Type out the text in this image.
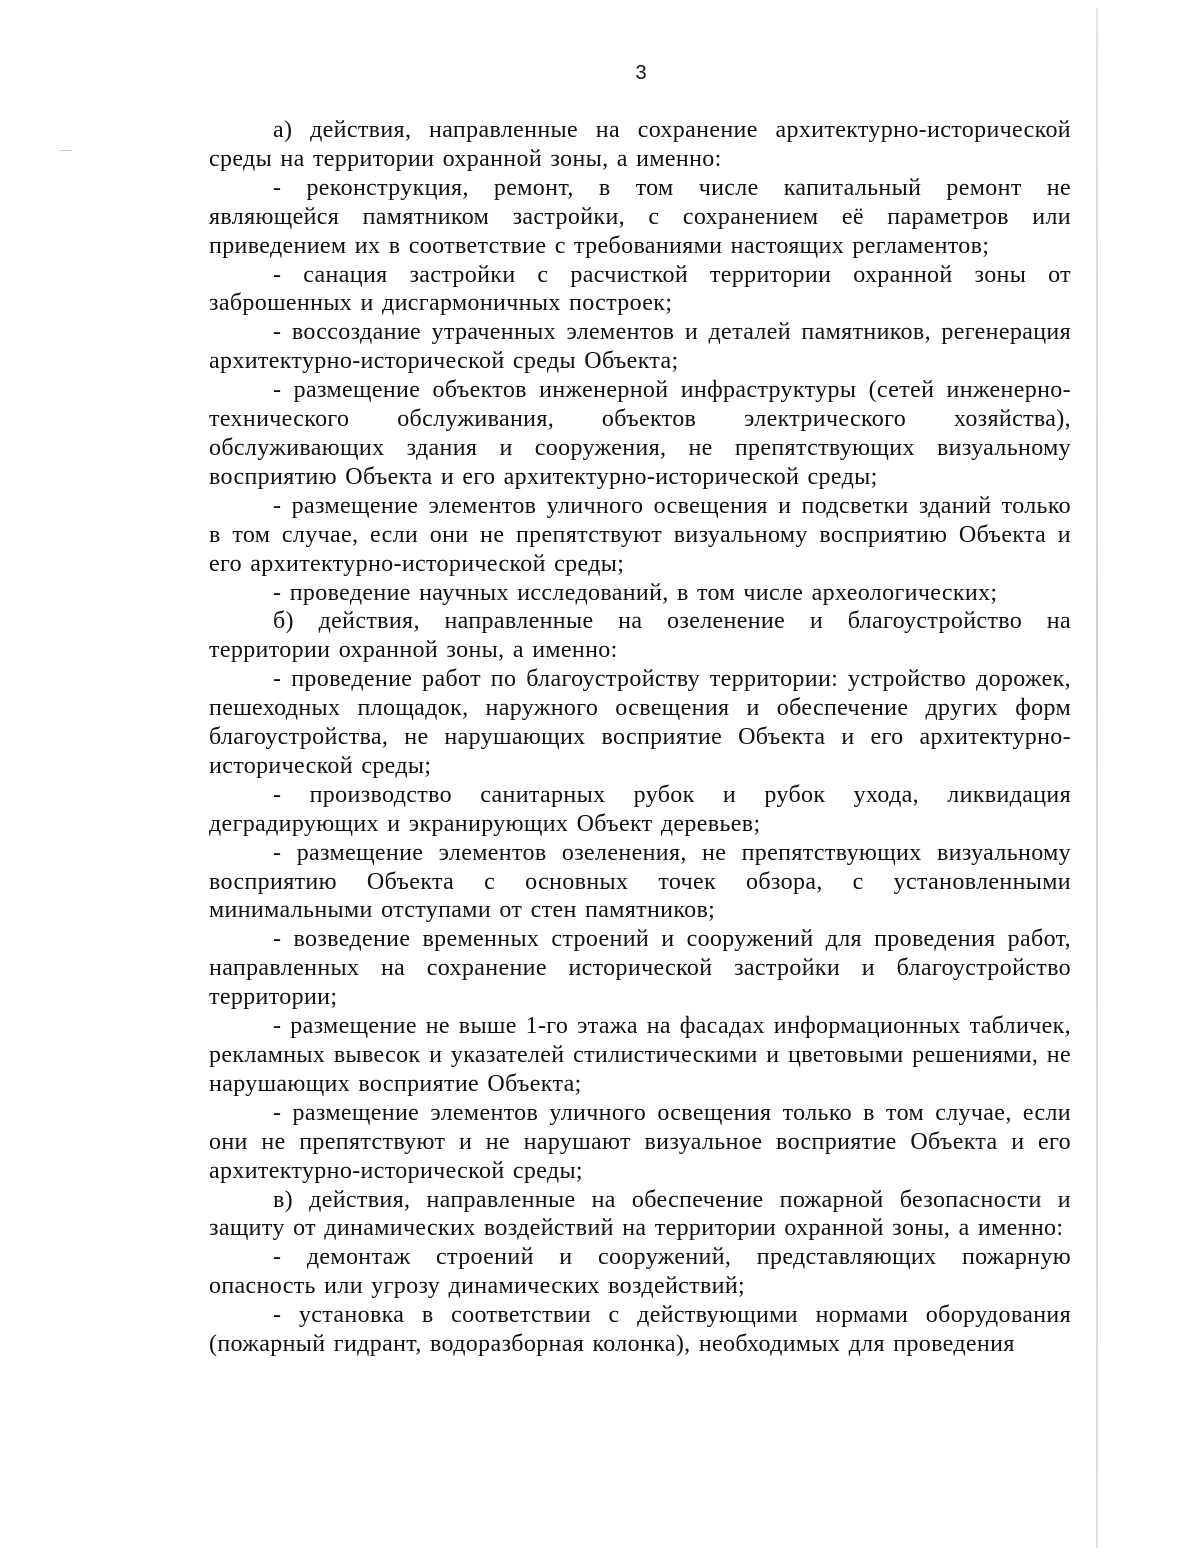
3

а) действия, направленные на сохранение архитектурно-исторической среды на территории охранной зоны, а именно:

- реконструкция, ремонт, в том числе капитальный ремонт не являющейся памятником застройки, с сохранением её параметров или приведением их в соответствие с требованиями настоящих регламентов;

- санация застройки с расчисткой территории охранной зоны от заброшенных и дисгармоничных построек;

- воссоздание утраченных элементов и деталей памятников, регенерация архитектурно-исторической среды Объекта;

- размещение объектов инженерной инфраструктуры (сетей инженерно-технического обслуживания, объектов электрического хозяйства), обслуживающих здания и сооружения, не препятствующих визуальному восприятию Объекта и его архитектурно-исторической среды;

- размещение элементов уличного освещения и подсветки зданий только в том случае, если они не препятствуют визуальному восприятию Объекта и его архитектурно-исторической среды;

- проведение научных исследований, в том числе археологических;

б) действия, направленные на озеленение и благоустройство на территории охранной зоны, а именно:

- проведение работ по благоустройству территории: устройство дорожек, пешеходных площадок, наружного освещения и обеспечение других форм благоустройства, не нарушающих восприятие Объекта и его архитектурно-исторической среды;

- производство санитарных рубок и рубок ухода, ликвидация деградирующих и экранирующих Объект деревьев;

- размещение элементов озеленения, не препятствующих визуальному восприятию Объекта с основных точек обзора, с установленными минимальными отступами от стен памятников;

- возведение временных строений и сооружений для проведения работ, направленных на сохранение исторической застройки и благоустройство территории;

- размещение не выше 1-го этажа на фасадах информационных табличек, рекламных вывесок и указателей стилистическими и цветовыми решениями, не нарушающих восприятие Объекта;

- размещение элементов уличного освещения только в том случае, если они не препятствуют и не нарушают визуальное восприятие Объекта и его архитектурно-исторической среды;

в) действия, направленные на обеспечение пожарной безопасности и защиту от динамических воздействий на территории охранной зоны, а именно:

- демонтаж строений и сооружений, представляющих пожарную опасность или угрозу динамических воздействий;

- установка в соответствии с действующими нормами оборудования (пожарный гидрант, водоразборная колонка), необходимых для проведения
